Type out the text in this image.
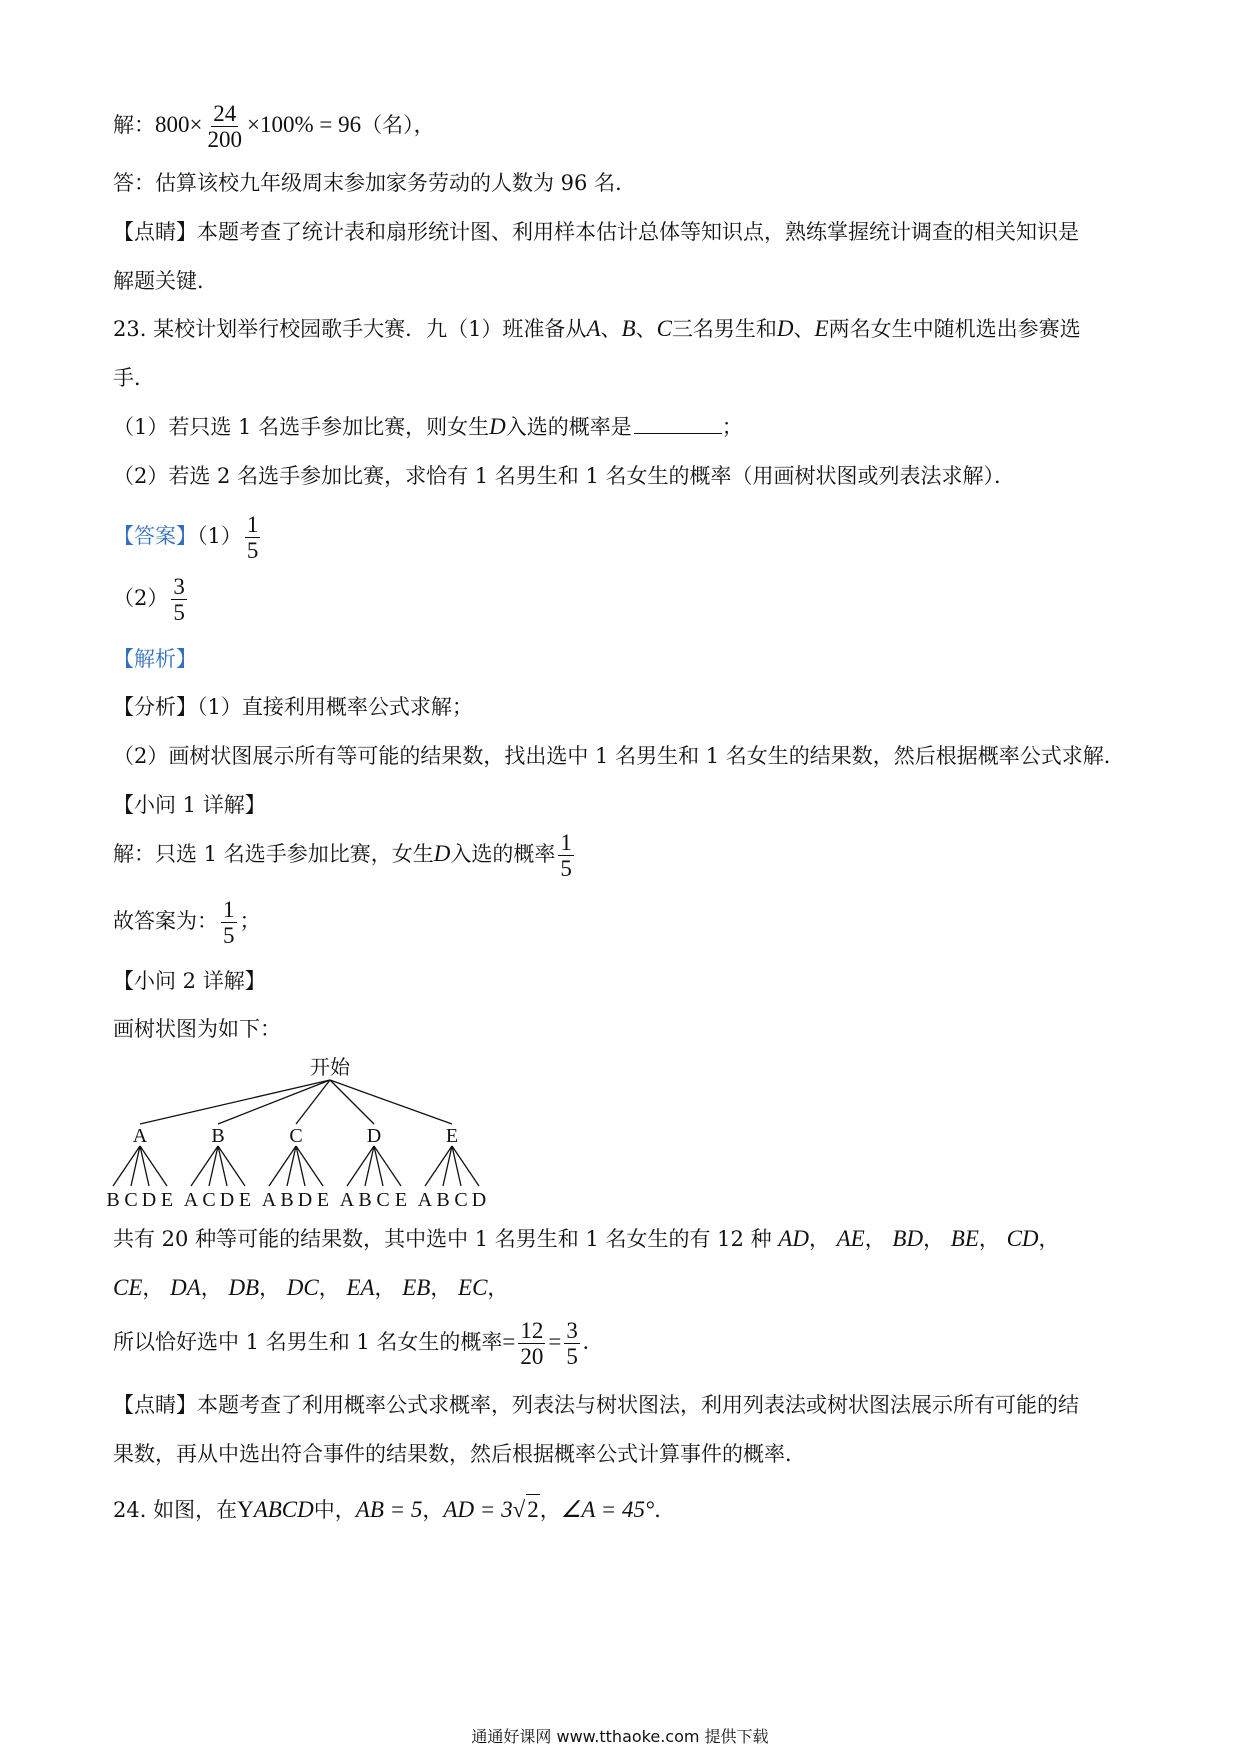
解：$800\times \frac{24}{200} \times 100\% = 96$（名），
答：估算该校九年级周末参加家务劳动的人数为 96 名．
【点睛】本题考查了统计表和扇形统计图、利用样本估计总体等知识点，熟练掌握统计调查的相关知识是
解题关键．
23. 某校计划举行校园歌手大赛．九（1）班准备从A、B、C三名男生和D、E两名女生中随机选出参赛选
手．
（1）若只选 1 名选手参加比赛，则女生D入选的概率是	；
（2）若选 2 名选手参加比赛，求恰有 1 名男生和 1 名女生的概率（用画树状图或列表法求解）．
【答案】$(1) \frac{1}{5}$
$(2) \frac{3}{5}$
【解析】
【分析】（1）直接利用概率公式求解；
（2）画树状图展示所有等可能的结果数，找出选中 1 名男生和 1 名女生的结果数，然后根据概率公式求解．
【小问 1 详解】
解：只选 1 名选手参加比赛，女生D入选的概率 $\frac{1}{5}$
故答案为： $\frac{1}{5}$ ；
【小问 2 详解】
画树状图为如下：
开始
A
B C D E
B
A C D E
C
A B D E
D
A B C E
E
A B C D
共有 20 种等可能的结果数，其中选中 1 名男生和 1 名女生的有 12 种 AD， AE， BD， BE， CD，
CE， DA， DB， DC， EA， EB， EC，
所以恰好选中 1 名男生和 1 名女生的概率= $\frac{12}{20} = \frac{3}{5}$ .
【点睛】本题考查了利用概率公式求概率，列表法与树状图法，利用列表法或树状图法展示所有可能的结
果数，再从中选出符合事件的结果数，然后根据概率公式计算事件的概率．
24. 如图，在YABCD中，AB = 5，AD = 3√2，∠A = 45°．
通通好课网 www.tthaoke.com 提供下载
